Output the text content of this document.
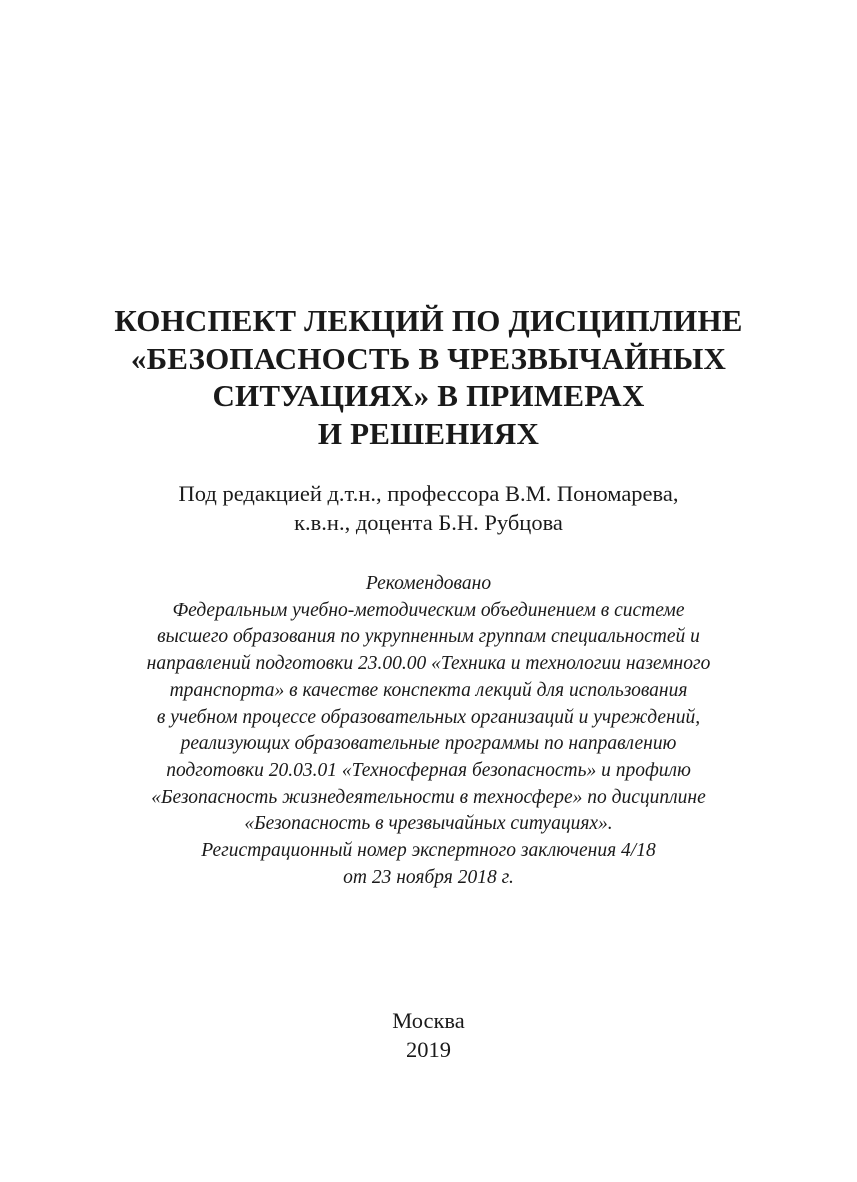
КОНСПЕКТ ЛЕКЦИЙ ПО ДИСЦИПЛИНЕ
«БЕЗОПАСНОСТЬ В ЧРЕЗВЫЧАЙНЫХ
СИТУАЦИЯХ» В ПРИМЕРАХ
И РЕШЕНИЯХ
Под редакцией д.т.н., профессора В.М. Пономарева,
к.в.н., доцента Б.Н. Рубцова
Рекомендовано
Федеральным учебно-методическим объединением в системе
высшего образования по укрупненным группам специальностей и
направлений подготовки 23.00.00 «Техника и технологии наземного
транспорта» в качестве конспекта лекций для использования
в учебном процессе образовательных организаций и учреждений,
реализующих образовательные программы по направлению
подготовки 20.03.01 «Техносферная безопасность» и профилю
«Безопасность жизнедеятельности в техносфере» по дисциплине
«Безопасность в чрезвычайных ситуациях».
Регистрационный номер экспертного заключения 4/18
от 23 ноября 2018 г.
Москва
2019
